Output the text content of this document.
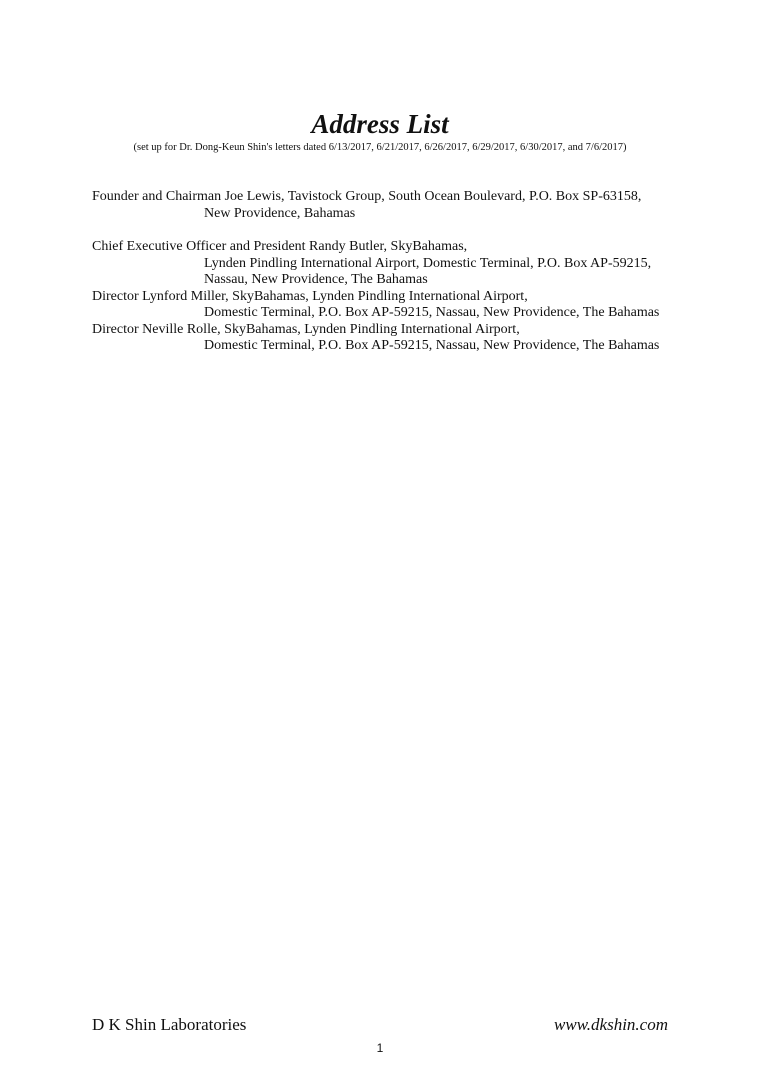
Address List
(set up for Dr. Dong-Keun Shin's letters dated 6/13/2017, 6/21/2017, 6/26/2017, 6/29/2017, 6/30/2017, and 7/6/2017)
Founder and Chairman Joe Lewis, Tavistock Group, South Ocean Boulevard, P.O. Box SP-63158,
New Providence, Bahamas
Chief Executive Officer and President Randy Butler, SkyBahamas,
Lynden Pindling International Airport, Domestic Terminal, P.O. Box AP-59215,
Nassau, New Providence, The Bahamas
Director Lynford Miller, SkyBahamas, Lynden Pindling International Airport,
Domestic Terminal, P.O. Box AP-59215, Nassau, New Providence, The Bahamas
Director Neville Rolle, SkyBahamas, Lynden Pindling International Airport,
Domestic Terminal, P.O. Box AP-59215, Nassau, New Providence, The Bahamas
D K Shin Laboratories	www.dkshin.com
1
